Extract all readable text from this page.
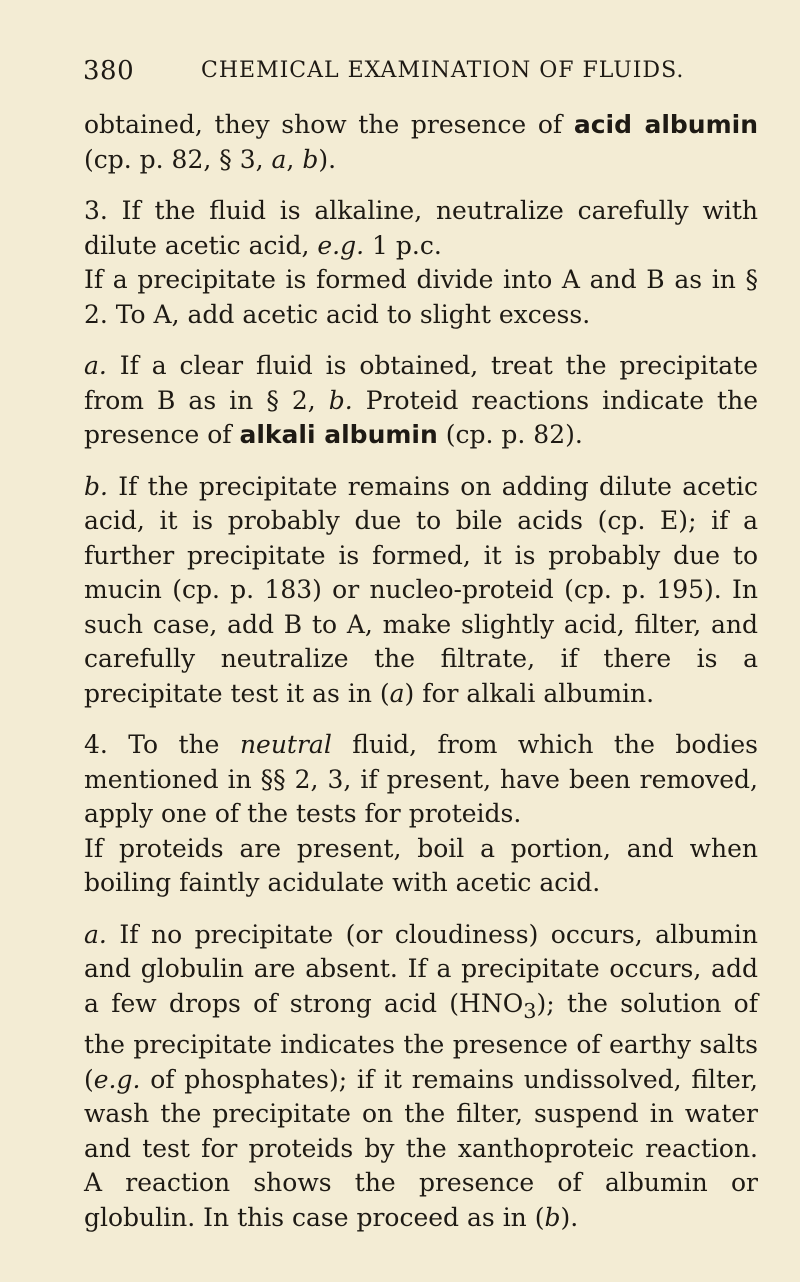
380	CHEMICAL EXAMINATION OF FLUIDS.

obtained, they show the presence of acid albumin (cp. p. 82, § 3, a, b).

3. If the fluid is alkaline, neutralize carefully with dilute acetic acid, e.g. 1 p.c.

If a precipitate is formed divide into A and B as in § 2. To A, add acetic acid to slight excess.

a. If a clear fluid is obtained, treat the precipitate from B as in § 2, b. Proteid reactions indicate the presence of alkali albumin (cp. p. 82).

b. If the precipitate remains on adding dilute acetic acid, it is probably due to bile acids (cp. E); if a further precipitate is formed, it is probably due to mucin (cp. p. 183) or nucleo-proteid (cp. p. 195). In such case, add B to A, make slightly acid, filter, and carefully neutralize the filtrate, if there is a precipitate test it as in (a) for alkali albumin.

4. To the neutral fluid, from which the bodies mentioned in §§ 2, 3, if present, have been removed, apply one of the tests for proteids.

If proteids are present, boil a portion, and when boiling faintly acidulate with acetic acid.

a. If no precipitate (or cloudiness) occurs, albumin and globulin are absent. If a precipitate occurs, add a few drops of strong acid $(HNO_3)$; the solution of the precipitate indicates the presence of earthy salts (e.g. of phosphates); if it remains undissolved, filter, wash the precipitate on the filter, suspend in water and test for proteids by the xanthoproteic reaction. A reaction shows the presence of albumin or globulin. In this case proceed as in (b).
